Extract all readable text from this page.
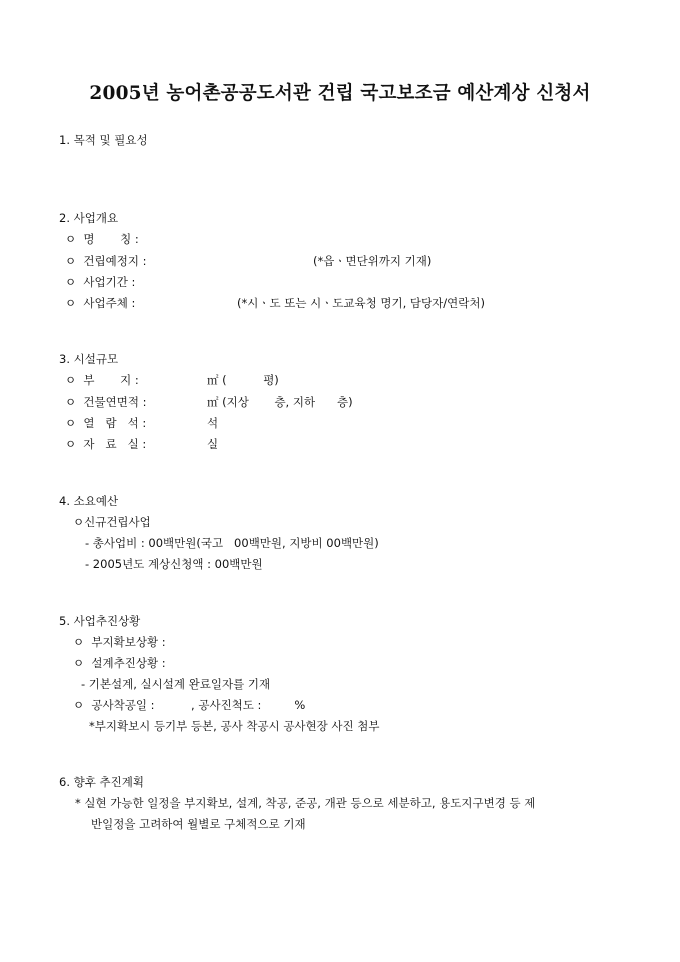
2005년 농어촌공공도서관 건립 국고보조금 예산계상 신청서
1. 목적 및 필요성
2. 사업개요
ㅇ  명       칭 :
ㅇ  건립예정지 :	(*읍ㆍ면단위까지 기재)
ㅇ  사업기간 :
ㅇ  사업주체 :	(*시ㆍ도 또는 시ㆍ도교육청 명기, 담당자/연락처)
3. 시설규모
ㅇ  부       지 :	㎡ (          평)
ㅇ  건물연면적 :	㎡ (지상       층, 지하      층)
ㅇ  열   람   석 :	석
ㅇ  자   료   실 :	실
4. 소요예산
ㅇ신규건립사업
- 총사업비 : 00백만원(국고   00백만원, 지방비 00백만원)
- 2005년도 계상신청액 : 00백만원
5. 사업추진상황
ㅇ  부지확보상황 :
ㅇ  설계추진상황 :
- 기본설계, 실시설계 완료일자를 기재
ㅇ  공사착공일 :          , 공사진척도 :         %
*부지확보시 등기부 등본, 공사 착공시 공사현장 사진 첨부
6. 향후 추진계획
* 실현 가능한 일정을 부지확보, 설계, 착공, 준공, 개관 등으로 세분하고, 용도지구변경 등 제
반일정을 고려하여 월별로 구체적으로 기재
